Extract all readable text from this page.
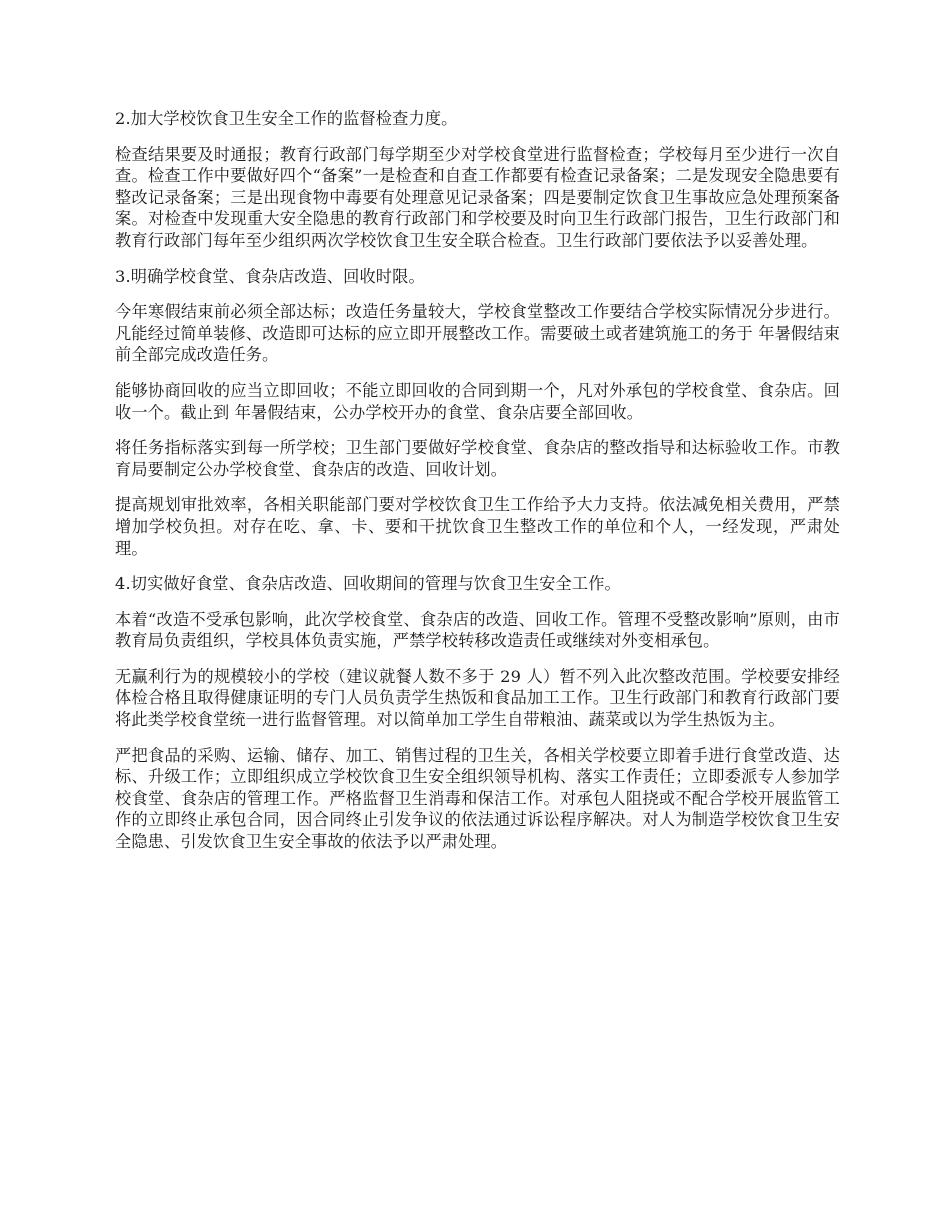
2.加大学校饮食卫生安全工作的监督检查力度。

检查结果要及时通报；教育行政部门每学期至少对学校食堂进行监督检查；学校每月至少进行一次自查。检查工作中要做好四个“备案”一是检查和自查工作都要有检查记录备案；二是发现安全隐患要有整改记录备案；三是出现食物中毒要有处理意见记录备案；四是要制定饮食卫生事故应急处理预案备案。对检查中发现重大安全隐患的教育行政部门和学校要及时向卫生行政部门报告，卫生行政部门和教育行政部门每年至少组织两次学校饮食卫生安全联合检查。卫生行政部门要依法予以妥善处理。

3.明确学校食堂、食杂店改造、回收时限。

今年寒假结束前必须全部达标；改造任务量较大，学校食堂整改工作要结合学校实际情况分步进行。凡能经过简单装修、改造即可达标的应立即开展整改工作。需要破土或者建筑施工的务于 年暑假结束前全部完成改造任务。

能够协商回收的应当立即回收；不能立即回收的合同到期一个，凡对外承包的学校食堂、食杂店。回收一个。截止到 年暑假结束，公办学校开办的食堂、食杂店要全部回收。

将任务指标落实到每一所学校；卫生部门要做好学校食堂、食杂店的整改指导和达标验收工作。市教育局要制定公办学校食堂、食杂店的改造、回收计划。

提高规划审批效率，各相关职能部门要对学校饮食卫生工作给予大力支持。依法减免相关费用，严禁增加学校负担。对存在吃、拿、卡、要和干扰饮食卫生整改工作的单位和个人，一经发现，严肃处理。

4.切实做好食堂、食杂店改造、回收期间的管理与饮食卫生安全工作。

本着“改造不受承包影响，此次学校食堂、食杂店的改造、回收工作。管理不受整改影响”原则，由市教育局负责组织，学校具体负责实施，严禁学校转移改造责任或继续对外变相承包。

无赢利行为的规模较小的学校（建议就餐人数不多于 29 人）暂不列入此次整改范围。学校要安排经体检合格且取得健康证明的专门人员负责学生热饭和食品加工工作。卫生行政部门和教育行政部门要将此类学校食堂统一进行监督管理。对以简单加工学生自带粮油、蔬菜或以为学生热饭为主。

严把食品的采购、运输、储存、加工、销售过程的卫生关，各相关学校要立即着手进行食堂改造、达标、升级工作；立即组织成立学校饮食卫生安全组织领导机构、落实工作责任；立即委派专人参加学校食堂、食杂店的管理工作。严格监督卫生消毒和保洁工作。对承包人阻挠或不配合学校开展监管工作的立即终止承包合同，因合同终止引发争议的依法通过诉讼程序解决。对人为制造学校饮食卫生安全隐患、引发饮食卫生安全事故的依法予以严肃处理。
